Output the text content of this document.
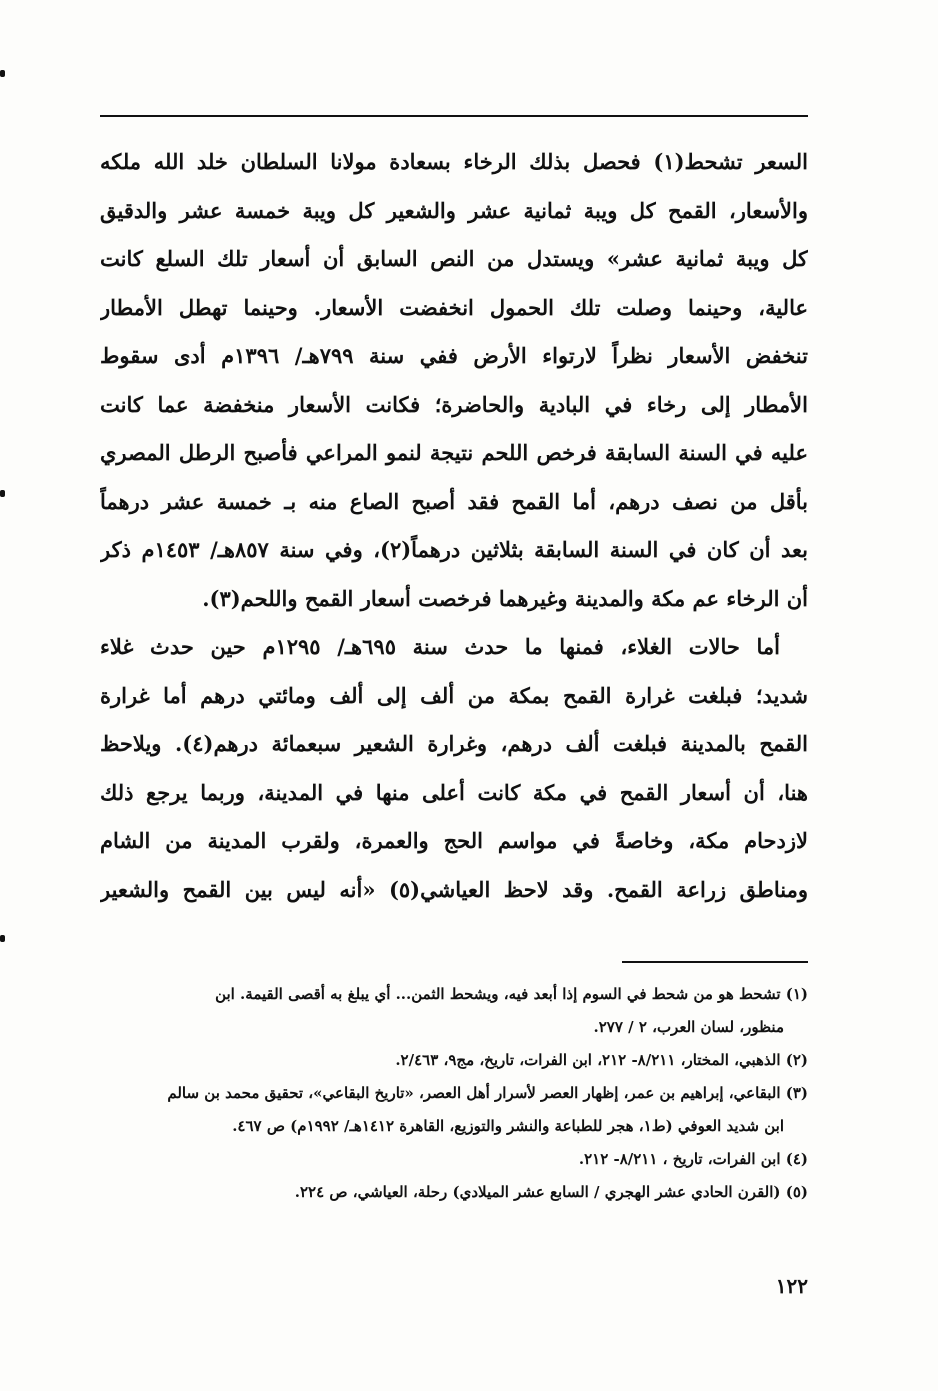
السعر تشحط(١) فحصل بذلك الرخاء بسعادة مولانا السلطان خلد الله ملكه
والأسعار، القمح كل ويبة ثمانية عشر والشعير كل ويبة خمسة عشر والدقيق
كل ويبة ثمانية عشر» ويستدل من النص السابق أن أسعار تلك السلع كانت
عالية، وحينما وصلت تلك الحمول انخفضت الأسعار. وحينما تهطل الأمطار
تنخفض الأسعار نظراً لارتواء الأرض ففي سنة ٧٩٩هـ/ ١٣٩٦م أدى سقوط
الأمطار إلى رخاء في البادية والحاضرة؛ فكانت الأسعار منخفضة عما كانت
عليه في السنة السابقة فرخص اللحم نتيجة لنمو المراعي فأصبح الرطل المصري
بأقل من نصف درهم، أما القمح فقد أصبح الصاع منه بـ خمسة عشر درهماً
بعد أن كان في السنة السابقة بثلاثين درهماً(٢)، وفي سنة ٨٥٧هـ/ ١٤٥٣م ذكر
أن الرخاء عم مكة والمدينة وغيرهما فرخصت أسعار القمح واللحم(٣).
أما حالات الغلاء، فمنها ما حدث سنة ٦٩٥هـ/ ١٢٩٥م حين حدث غلاء
شديد؛ فبلغت غرارة القمح بمكة من ألف إلى ألف ومائتي درهم أما غرارة
القمح بالمدينة فبلغت ألف درهم، وغرارة الشعير سبعمائة درهم(٤). ويلاحظ
هنا، أن أسعار القمح في مكة كانت أعلى منها في المدينة، وربما يرجع ذلك
لازدحام مكة، وخاصةً في مواسم الحج والعمرة، ولقرب المدينة من الشام
ومناطق زراعة القمح. وقد لاحظ العياشي(٥) «أنه ليس بين القمح والشعير
(١) تشحط هو من شحط في السوم إذا أبعد فيه، ويشحط الثمن... أي يبلغ به أقصى القيمة. ابن
منظور، لسان العرب، ٢ / ٢٧٧.
(٢) الذهبي، المختار، ٨/٢١١- ٢١٢، ابن الفرات، تاريخ، مج٩، ٢/٤٦٣.
(٣) البقاعي، إبراهيم بن عمر، إظهار العصر لأسرار أهل العصر، «تاريخ البقاعي»، تحقيق محمد بن سالم
ابن شديد العوفي (ط١، هجر للطباعة والنشر والتوزيع، القاهرة ١٤١٢هـ/ ١٩٩٢م) ص ٤٦٧.
(٤) ابن الفرات، تاريخ ، ٨/٢١١- ٢١٢.
(٥) (القرن الحادي عشر الهجري / السابع عشر الميلادي) رحلة، العياشي، ص ٢٢٤.
١٢٢
